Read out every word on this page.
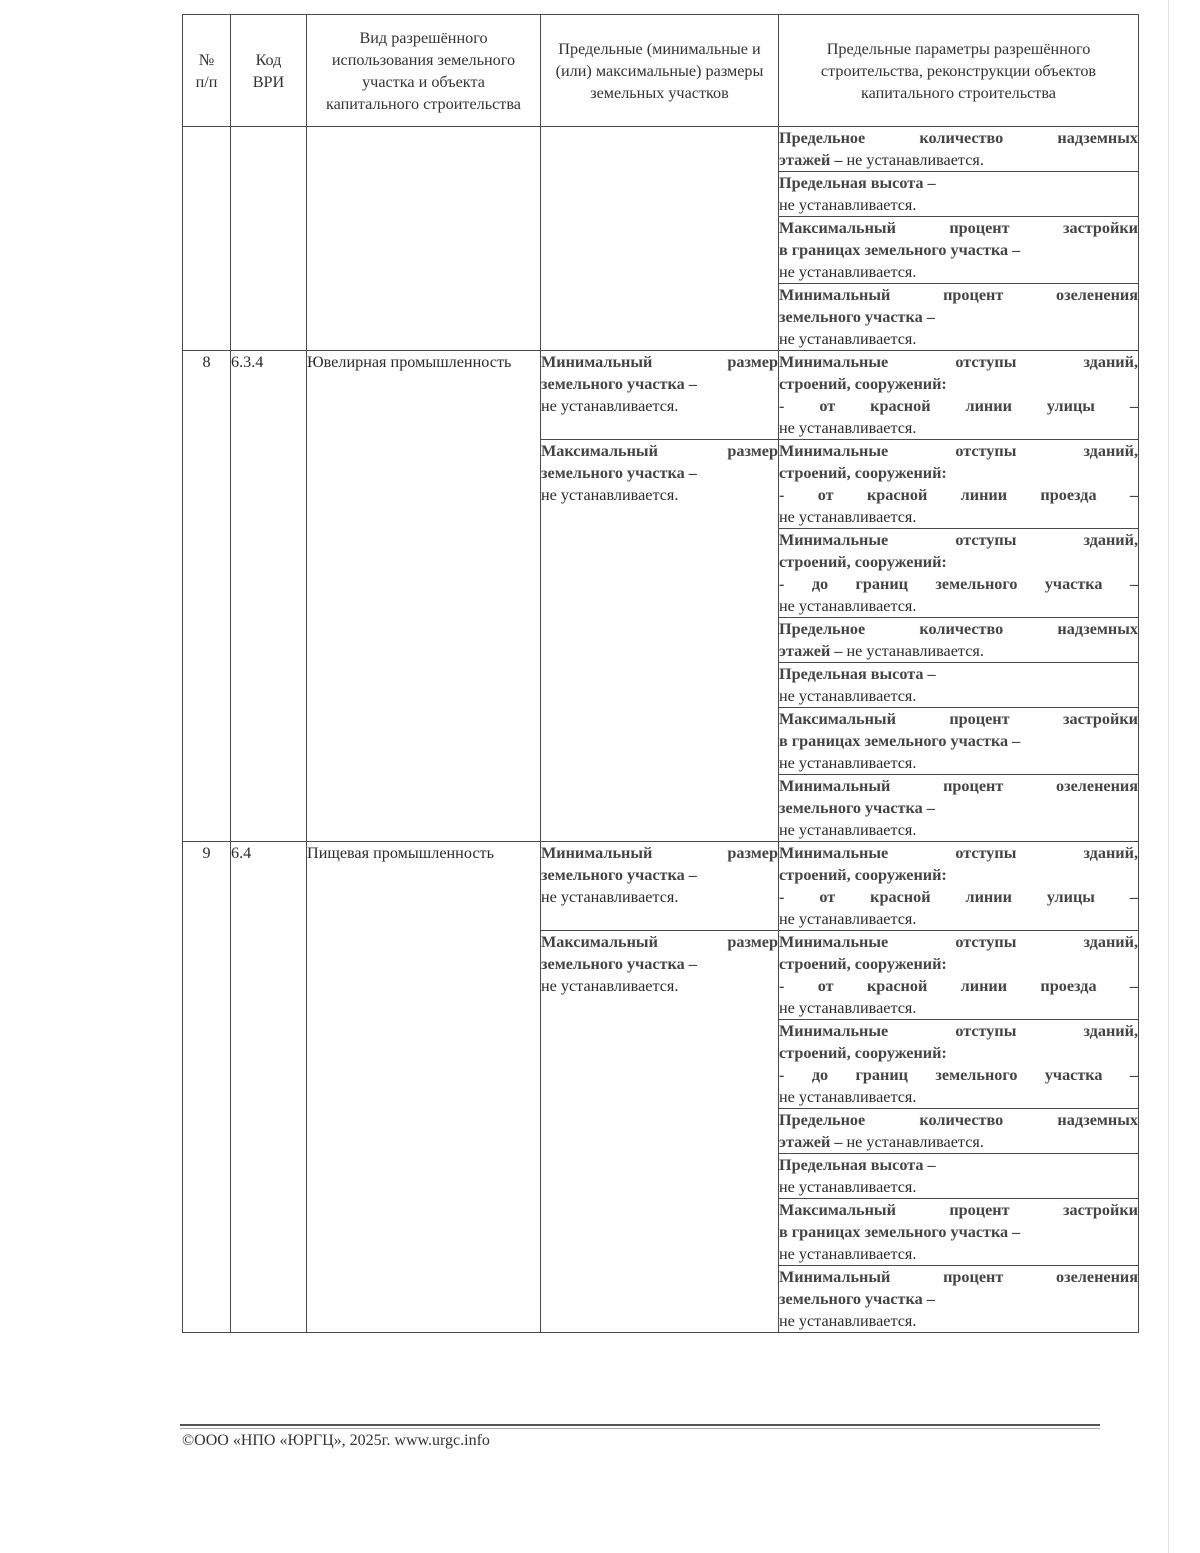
№ п/п	Код ВРИ	Вид разрешённого использования земельного участка и объекта капитального строительства	Предельные (минимальные и (или) максимальные) размеры земельных участков	Предельные параметры разрешённого строительства, реконструкции объектов капитального строительства

				Предельное количество надземных
этажей – не устанавливается.

				Предельная высота –
не устанавливается.

				Максимальный процент застройки
в границах земельного участка –
не устанавливается.

				Минимальный процент озеленения
земельного участка –
не устанавливается.

8	6.3.4	Ювелирная промышленность	Минимальный размер
земельного участка –
не устанавливается.	Минимальные отступы зданий,
строений, сооружений:
- от красной линии улицы –
не устанавливается.

			Максимальный размер
земельного участка –
не устанавливается.	Минимальные отступы зданий,
строений, сооружений:
- от красной линии проезда –
не устанавливается.

				Минимальные отступы зданий,
строений, сооружений:
- до границ земельного участка –
не устанавливается.

				Предельное количество надземных
этажей – не устанавливается.

				Предельная высота –
не устанавливается.

				Максимальный процент застройки
в границах земельного участка –
не устанавливается.

				Минимальный процент озеленения
земельного участка –
не устанавливается.

9	6.4	Пищевая промышленность	Минимальный размер
земельного участка –
не устанавливается.	Минимальные отступы зданий,
строений, сооружений:
- от красной линии улицы –
не устанавливается.

			Максимальный размер
земельного участка –
не устанавливается.	Минимальные отступы зданий,
строений, сооружений:
- от красной линии проезда –
не устанавливается.

				Минимальные отступы зданий,
строений, сооружений:
- до границ земельного участка –
не устанавливается.

				Предельное количество надземных
этажей – не устанавливается.

				Предельная высота –
не устанавливается.

				Максимальный процент застройки
в границах земельного участка –
не устанавливается.

				Минимальный процент озеленения
земельного участка –
не устанавливается.
©ООО «НПО «ЮРГЦ», 2025г. www.urgc.info
